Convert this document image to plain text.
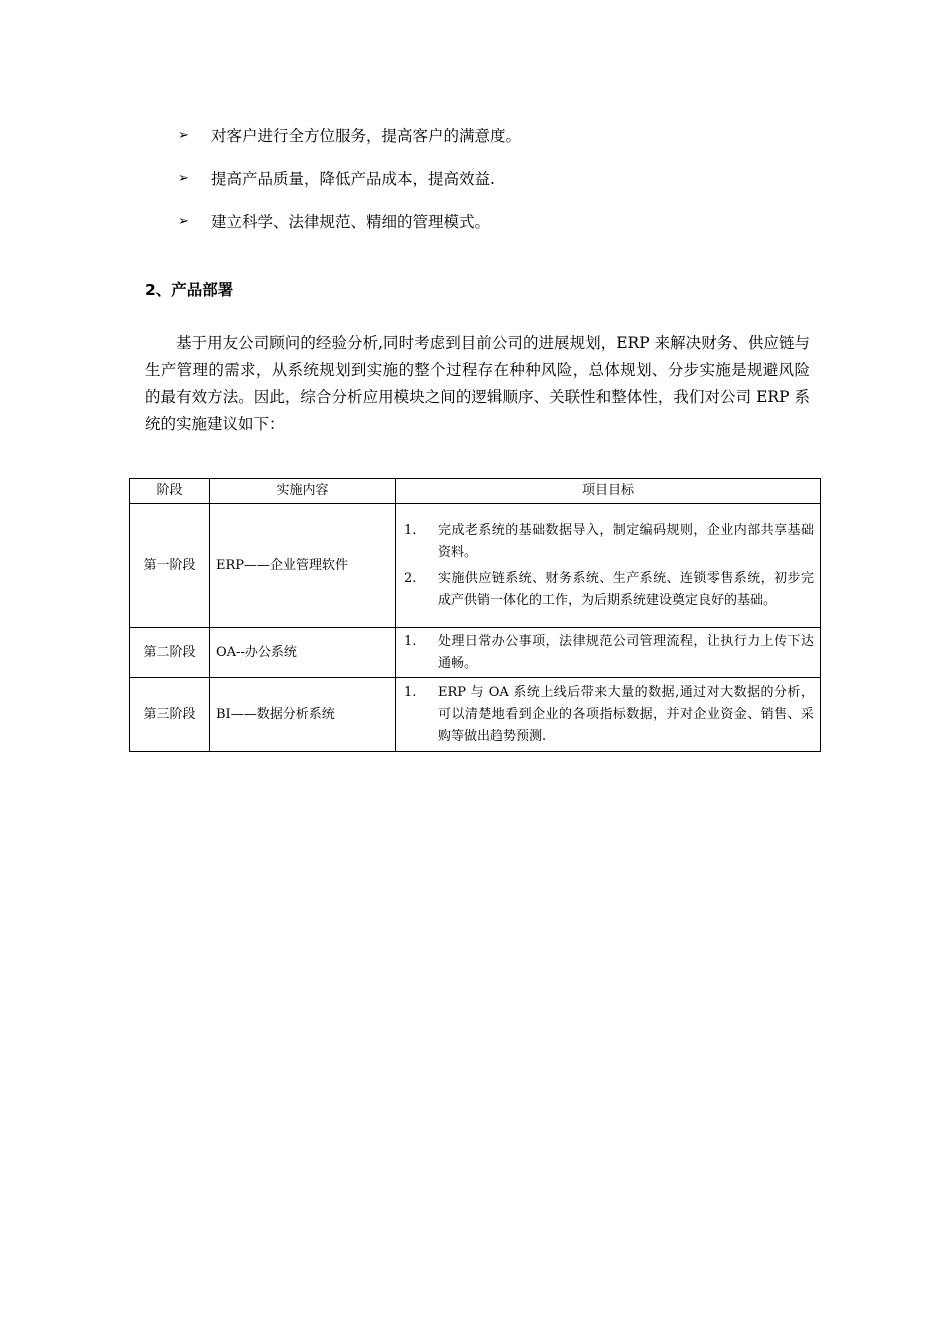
➢	对客户进行全方位服务，提高客户的满意度。
➢	提高产品质量，降低产品成本，提高效益.
➢	建立科学、法律规范、精细的管理模式。
2、产品部署

基于用友公司顾问的经验分析,同时考虑到目前公司的进展规划，ERP 来解决财务、供应链与生产管理的需求，从系统规划到实施的整个过程存在种种风险，总体规划、分步实施是规避风险的最有效方法。因此，综合分析应用模块之间的逻辑顺序、关联性和整体性，我们对公司 ERP 系统的实施建议如下：

阶段	实施内容	项目目标
第一阶段	ERP——企业管理软件	1. 完成老系统的基础数据导入，制定编码规则，企业内部共享基础资料。
2. 实施供应链系统、财务系统、生产系统、连锁零售系统，初步完成产供销一体化的工作，为后期系统建设奠定良好的基础。

第二阶段	OA--办公系统	1. 处理日常办公事项，法律规范公司管理流程，让执行力上传下达通畅。

第三阶段	BI——数据分析系统	1. ERP 与 OA 系统上线后带来大量的数据,通过对大数据的分析，可以清楚地看到企业的各项指标数据，并对企业资金、销售、采购等做出趋势预测.
